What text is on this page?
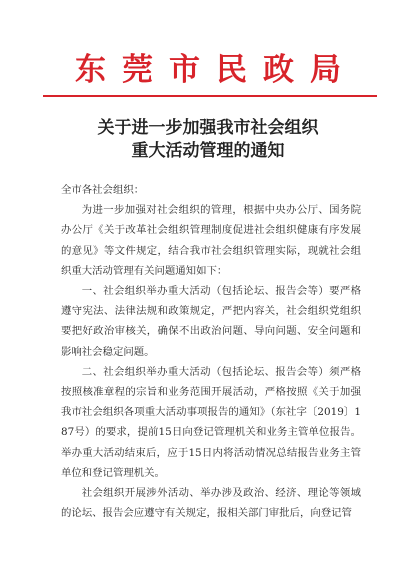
东莞市民政局
关于进一步加强我市社会组织
重大活动管理的通知

全市各社会组织：

为进一步加强对社会组织的管理，根据中央办公厅、国务院办公厅《关于改革社会组织管理制度促进社会组织健康有序发展的意见》等文件规定，结合我市社会组织管理实际，现就社会组织重大活动管理有关问题通知如下：

一、社会组织举办重大活动（包括论坛、报告会等）要严格遵守宪法、法律法规和政策规定，严把内容关，社会组织党组织要把好政治审核关，确保不出政治问题、导向问题、安全问题和影响社会稳定问题。

二、社会组织举办重大活动（包括论坛、报告会等）须严格按照核准章程的宗旨和业务范围开展活动，严格按照《关于加强我市社会组织各项重大活动事项报告的通知》（东社字〔2019〕187号）的要求，提前15日向登记管理机关和业务主管单位报告。举办重大活动结束后，应于15日内将活动情况总结报告业务主管单位和登记管理机关。

社会组织开展涉外活动、举办涉及政治、经济、理论等领域的论坛、报告会应遵守有关规定，报相关部门审批后，向登记管
